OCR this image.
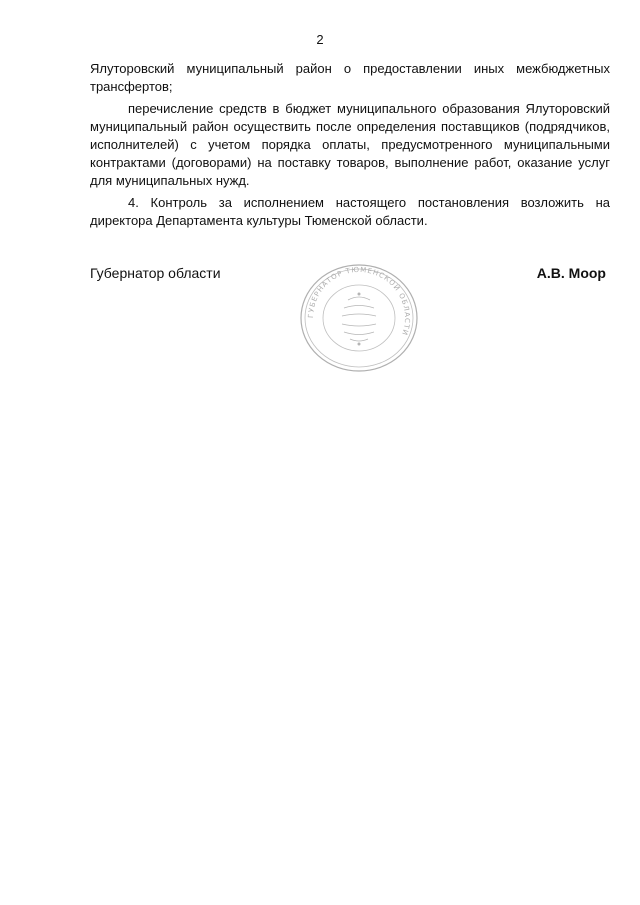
2

Ялуторовский муниципальный район о предоставлении иных межбюджетных трансфертов;

перечисление средств в бюджет муниципального образования Ялуторовский муниципальный район осуществить после определения поставщиков (подрядчиков, исполнителей) с учетом порядка оплаты, предусмотренного муниципальными контрактами (договорами) на поставку товаров, выполнение работ, оказание услуг для муниципальных нужд.

4. Контроль за исполнением настоящего постановления возложить на директора Департамента культуры Тюменской области.

Губернатор области	А.В. Моор
ГУБЕРНАТОР ТЮМЕНСКОЙ ОБЛАСТИ
